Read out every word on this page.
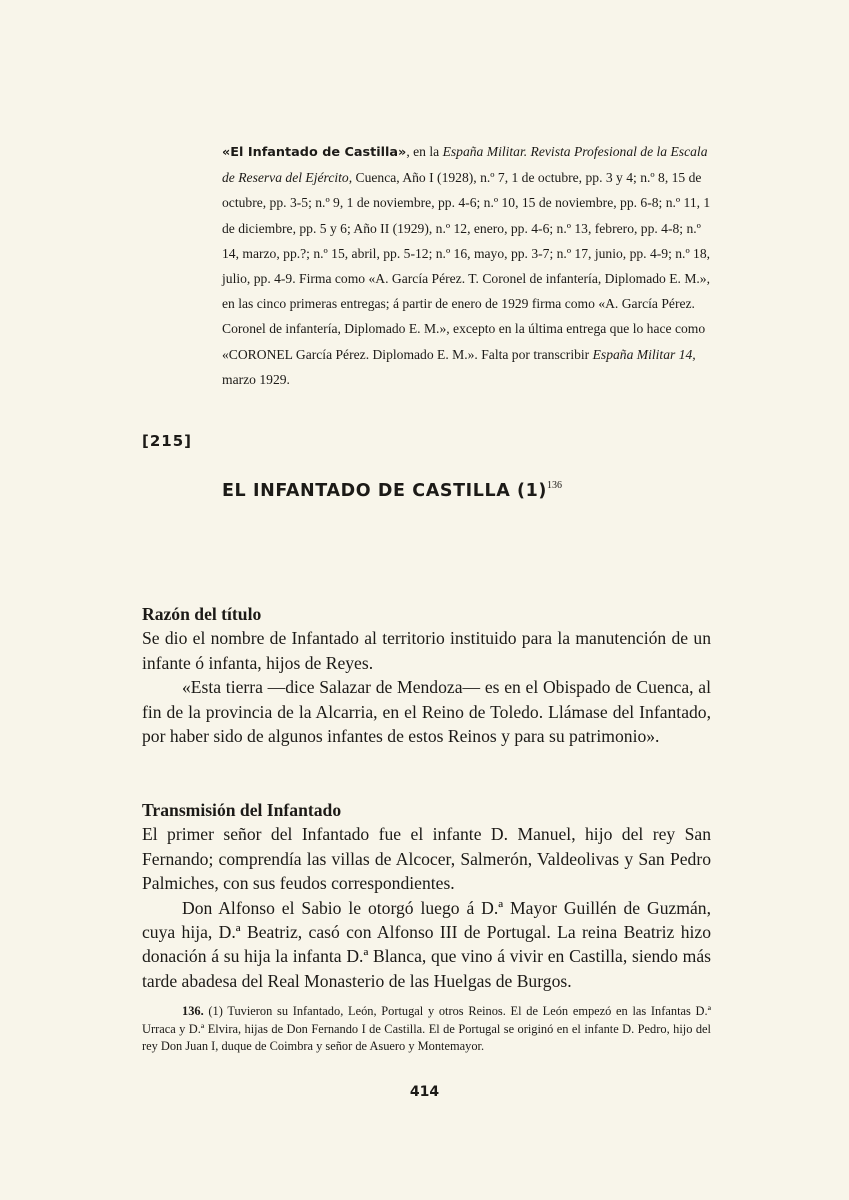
«El Infantado de Castilla», en la España Militar. Revista Profesional de la Escala de Reserva del Ejército, Cuenca, Año I (1928), n.º 7, 1 de octubre, pp. 3 y 4; n.º 8, 15 de octubre, pp. 3-5; n.º 9, 1 de noviembre, pp. 4-6; n.º 10, 15 de noviembre, pp. 6-8; n.º 11, 1 de diciembre, pp. 5 y 6; Año II (1929), n.º 12, enero, pp. 4-6; n.º 13, febrero, pp. 4-8; n.º 14, marzo, pp.?; n.º 15, abril, pp. 5-12; n.º 16, mayo, pp. 3-7; n.º 17, junio, pp. 4-9; n.º 18, julio, pp. 4-9. Firma como «A. García Pérez. T. Coronel de infantería, Diplomado E. M.», en las cinco primeras entregas; á partir de enero de 1929 firma como «A. García Pérez. Coronel de infantería, Diplomado E. M.», excepto en la última entrega que lo hace como «CORONEL García Pérez. Diplomado E. M.». Falta por transcribir España Militar 14, marzo 1929.
[215]
EL INFANTADO DE CASTILLA $(1)^{136}$
Razón del título

Se dio el nombre de Infantado al territorio instituido para la manutención de un infante ó infanta, hijos de Reyes.

«Esta tierra —dice Salazar de Mendoza— es en el Obispado de Cuenca, al fin de la provincia de la Alcarria, en el Reino de Toledo. Llámase del Infantado, por haber sido de algunos infantes de estos Reinos y para su patrimonio».

Transmisión del Infantado

El primer señor del Infantado fue el infante D. Manuel, hijo del rey San Fernando; comprendía las villas de Alcocer, Salmerón, Valdeolivas y San Pedro Palmiches, con sus feudos correspondientes.

Don Alfonso el Sabio le otorgó luego á D.ª Mayor Guillén de Guzmán, cuya hija, D.ª Beatriz, casó con Alfonso III de Portugal. La reina Beatriz hizo donación á su hija la infanta D.ª Blanca, que vino á vivir en Castilla, siendo más tarde abadesa del Real Monasterio de las Huelgas de Burgos.

136. (1) Tuvieron su Infantado, León, Portugal y otros Reinos. El de León empezó en las Infantas D.ª Urraca y D.ª Elvira, hijas de Don Fernando I de Castilla. El de Portugal se originó en el infante D. Pedro, hijo del rey Don Juan I, duque de Coimbra y señor de Asuero y Montemayor.
414
